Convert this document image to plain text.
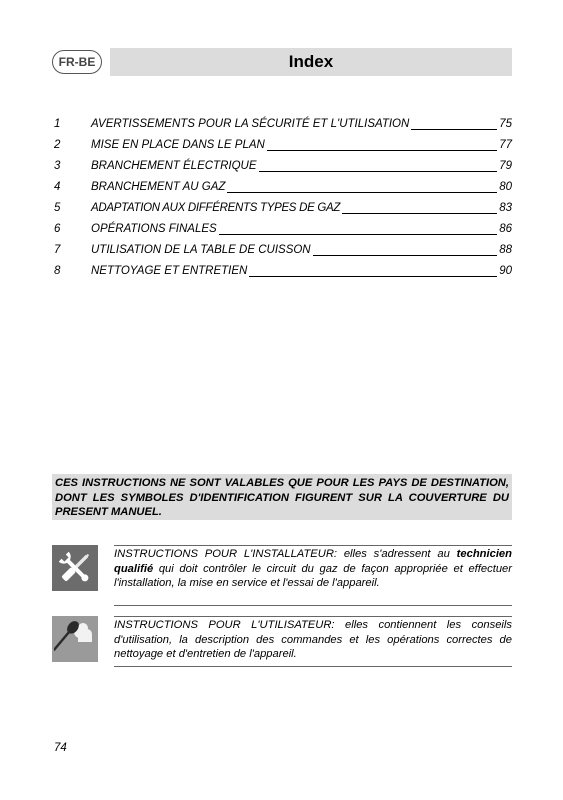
FR-BE	Index
1	AVERTISSEMENTS POUR LA SÉCURITÉ ET L'UTILISATION	75
2	MISE EN PLACE DANS LE PLAN	77
3	BRANCHEMENT ÉLECTRIQUE	79
4	BRANCHEMENT AU GAZ	80
5	ADAPTATION AUX DIFFÉRENTS TYPES DE GAZ	83
6	OPÉRATIONS FINALES	86
7	UTILISATION DE LA TABLE DE CUISSON	88
8	NETTOYAGE ET ENTRETIEN	90
CES INSTRUCTIONS NE SONT VALABLES QUE POUR LES PAYS DE DESTINATION, DONT LES SYMBOLES D'IDENTIFICATION FIGURENT SUR LA COUVERTURE DU PRESENT MANUEL.
INSTRUCTIONS POUR L'INSTALLATEUR: elles s'adressent au technicien qualifié qui doit contrôler le circuit du gaz de façon appropriée et effectuer l'installation, la mise en service et l'essai de l'appareil.
INSTRUCTIONS POUR L'UTILISATEUR: elles contiennent les conseils d'utilisation, la description des commandes et les opérations correctes de nettoyage et d'entretien de l'appareil.
74
